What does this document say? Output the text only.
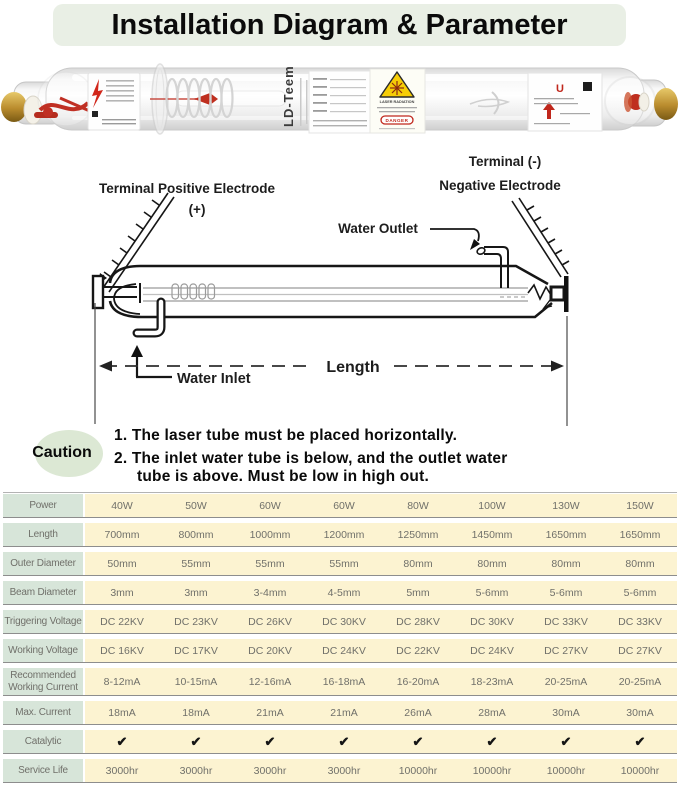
Installation Diagram & Parameter
LD-Teem	LASER RADIATION
DANGER
U
Terminal Positive Electrode
(+)
Terminal (-)
Negative Electrode
Water Outlet
Length
Water Inlet
Caution
1. The laser tube must be placed horizontally.
2. The inlet water tube is below, and the outlet water
tube is above. Must be low in high out.
Power	40W	50W	60W	60W	80W	100W	130W	150W
Length	700mm	800mm	1000mm	1200mm	1250mm	1450mm	1650mm	1650mm
Outer Diameter	50mm	55mm	55mm	55mm	80mm	80mm	80mm	80mm
Beam Diameter	3mm	3mm	3-4mm	4-5mm	5mm	5-6mm	5-6mm	5-6mm
Triggering Voltage	DC 22KV	DC 23KV	DC 26KV	DC 30KV	DC 28KV	DC 30KV	DC 33KV	DC 33KV
Working Voltage	DC 16KV	DC 17KV	DC 20KV	DC 24KV	DC 22KV	DC 24KV	DC 27KV	DC 27KV
Recommended Working Current	8-12mA	10-15mA	12-16mA	16-18mA	16-20mA	18-23mA	20-25mA	20-25mA
Max. Current	18mA	18mA	21mA	21mA	26mA	28mA	30mA	30mA
Catalytic	✔	✔	✔	✔	✔	✔	✔	✔
Service Life	3000hr	3000hr	3000hr	3000hr	10000hr	10000hr	10000hr	10000hr
